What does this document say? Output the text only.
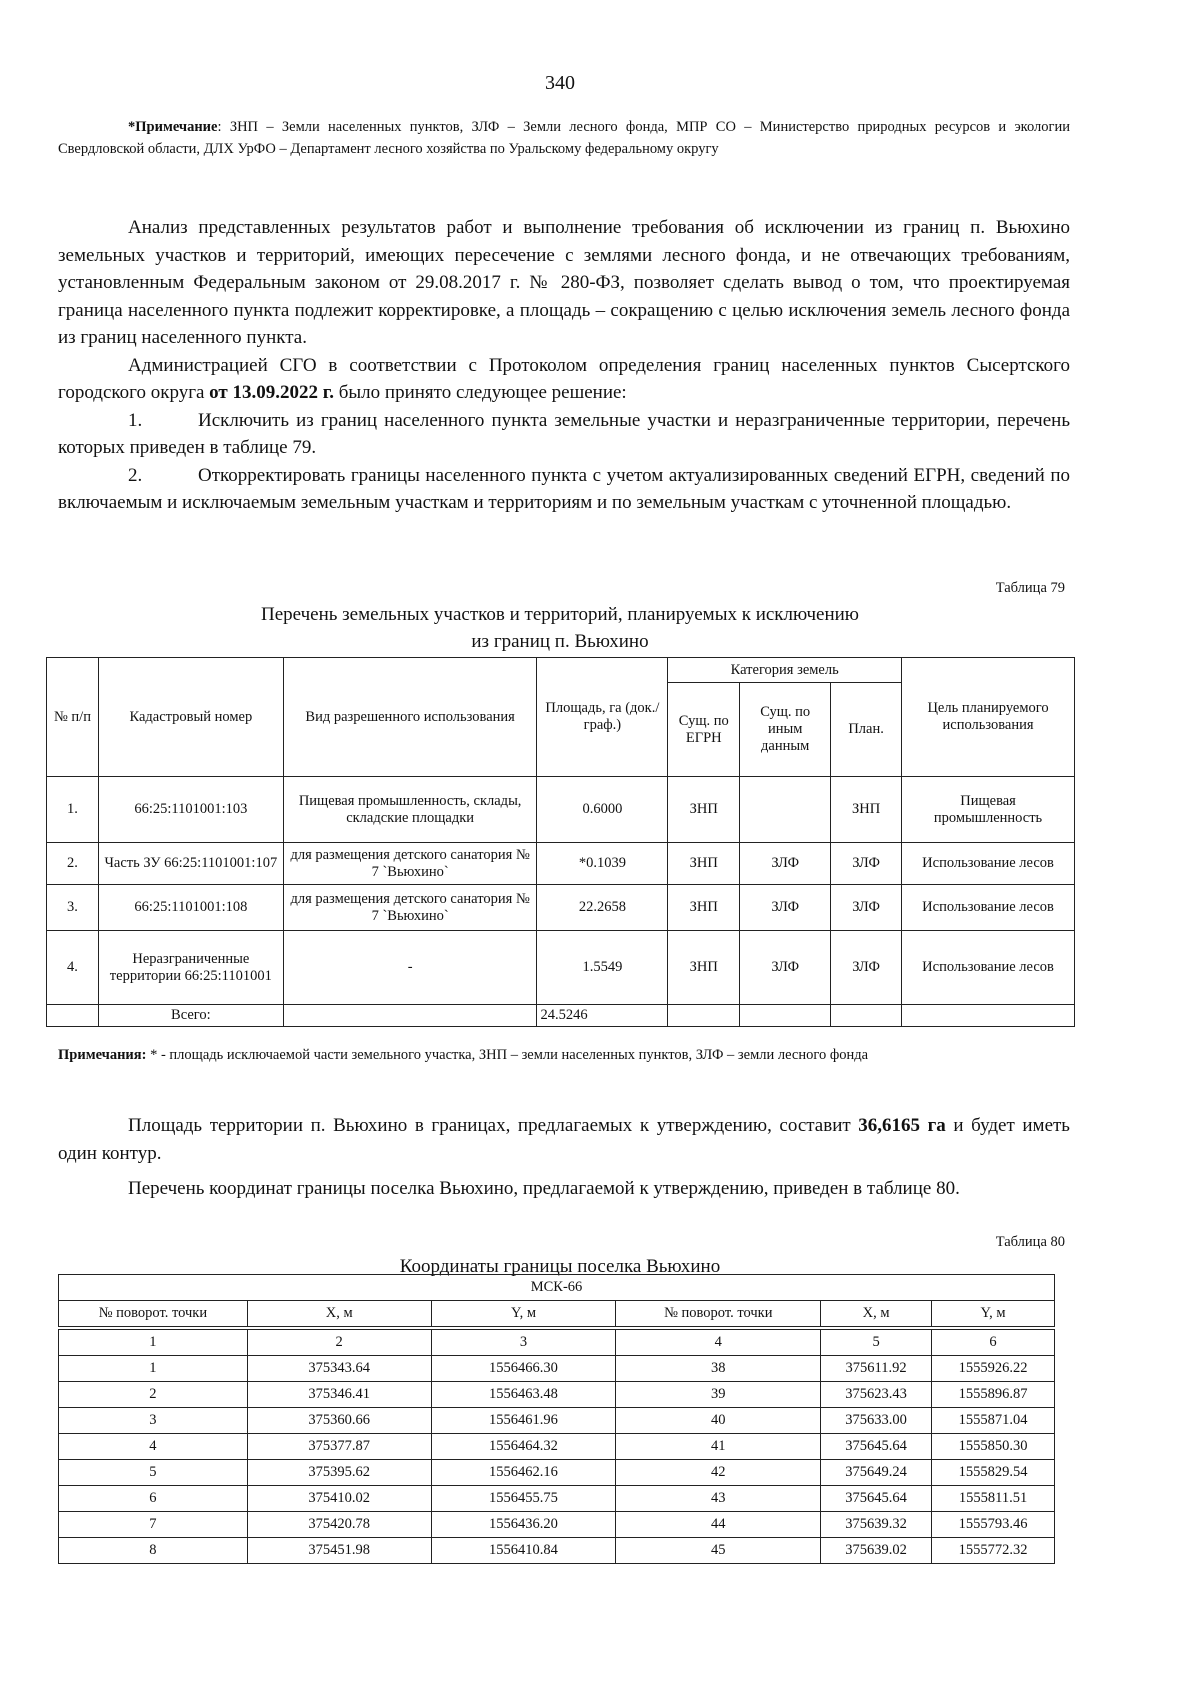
340
*Примечание: ЗНП – Земли населенных пунктов, ЗЛФ – Земли лесного фонда, МПР СО – Министерство природных ресурсов и экологии Свердловской области, ДЛХ УрФО – Департамент лесного хозяйства по Уральскому федеральному округу

Анализ представленных результатов работ и выполнение требования об исключении из границ п. Вьюхино земельных участков и территорий, имеющих пересечение с землями лесного фонда, и не отвечающих требованиям, установленным Федеральным законом от 29.08.2017 г. № 280-ФЗ, позволяет сделать вывод о том, что проектируемая граница населенного пункта подлежит корректировке, а площадь – сокращению с целью исключения земель лесного фонда из границ населенного пункта.

Администрацией СГО в соответствии с Протоколом определения границ населенных пунктов Сысертского городского округа от 13.09.2022 г. было принято следующее решение:

1.	Исключить из границ населенного пункта земельные участки и неразграниченные территории, перечень которых приведен в таблице 79.

2.	Откорректировать границы населенного пункта с учетом актуализированных сведений ЕГРН, сведений по включаемым и исключаемым земельным участкам и территориям и по земельным участкам с уточненной площадью.

Таблица 79
Перечень земельных участков и территорий, планируемых к исключению
из границ п. Вьюхино
№ п/п	Кадастровый номер	Вид разрешенного использования	Площадь, га (док./граф.)	Категория земель			Цель планируемого использования
				Сущ. по ЕГРН	Сущ. по иным данным	План.	
1.	66:25:1101001:103	Пищевая промышленность, склады, складские площадки	0.6000	ЗНП		ЗНП	Пищевая промышленность
2.	Часть ЗУ 66:25:1101001:107	для размещения детского санатория № 7 `Вьюхино`	*0.1039	ЗНП	ЗЛФ	ЗЛФ	Использование лесов
3.	66:25:1101001:108	для размещения детского санатория № 7 `Вьюхино`	22.2658	ЗНП	ЗЛФ	ЗЛФ	Использование лесов
4.	Неразграниченные территории 66:25:1101001	-	1.5549	ЗНП	ЗЛФ	ЗЛФ	Использование лесов
	Всего:		24.5246				
Примечания: * - площадь исключаемой части земельного участка, ЗНП – земли населенных пунктов, ЗЛФ – земли лесного фонда

Площадь территории п. Вьюхино в границах, предлагаемых к утверждению, составит 36,6165 га и будет иметь один контур.

Перечень координат границы поселка Вьюхино, предлагаемой к утверждению, приведен в таблице 80.

Таблица 80
Координаты границы поселка Вьюхино
МСК-66					
№ поворот. точки	X, м	Y, м	№ поворот. точки	X, м	Y, м
1	2	3	4	5	6
1	375343.64	1556466.30	38	375611.92	1555926.22
2	375346.41	1556463.48	39	375623.43	1555896.87
3	375360.66	1556461.96	40	375633.00	1555871.04
4	375377.87	1556464.32	41	375645.64	1555850.30
5	375395.62	1556462.16	42	375649.24	1555829.54
6	375410.02	1556455.75	43	375645.64	1555811.51
7	375420.78	1556436.20	44	375639.32	1555793.46
8	375451.98	1556410.84	45	375639.02	1555772.32
